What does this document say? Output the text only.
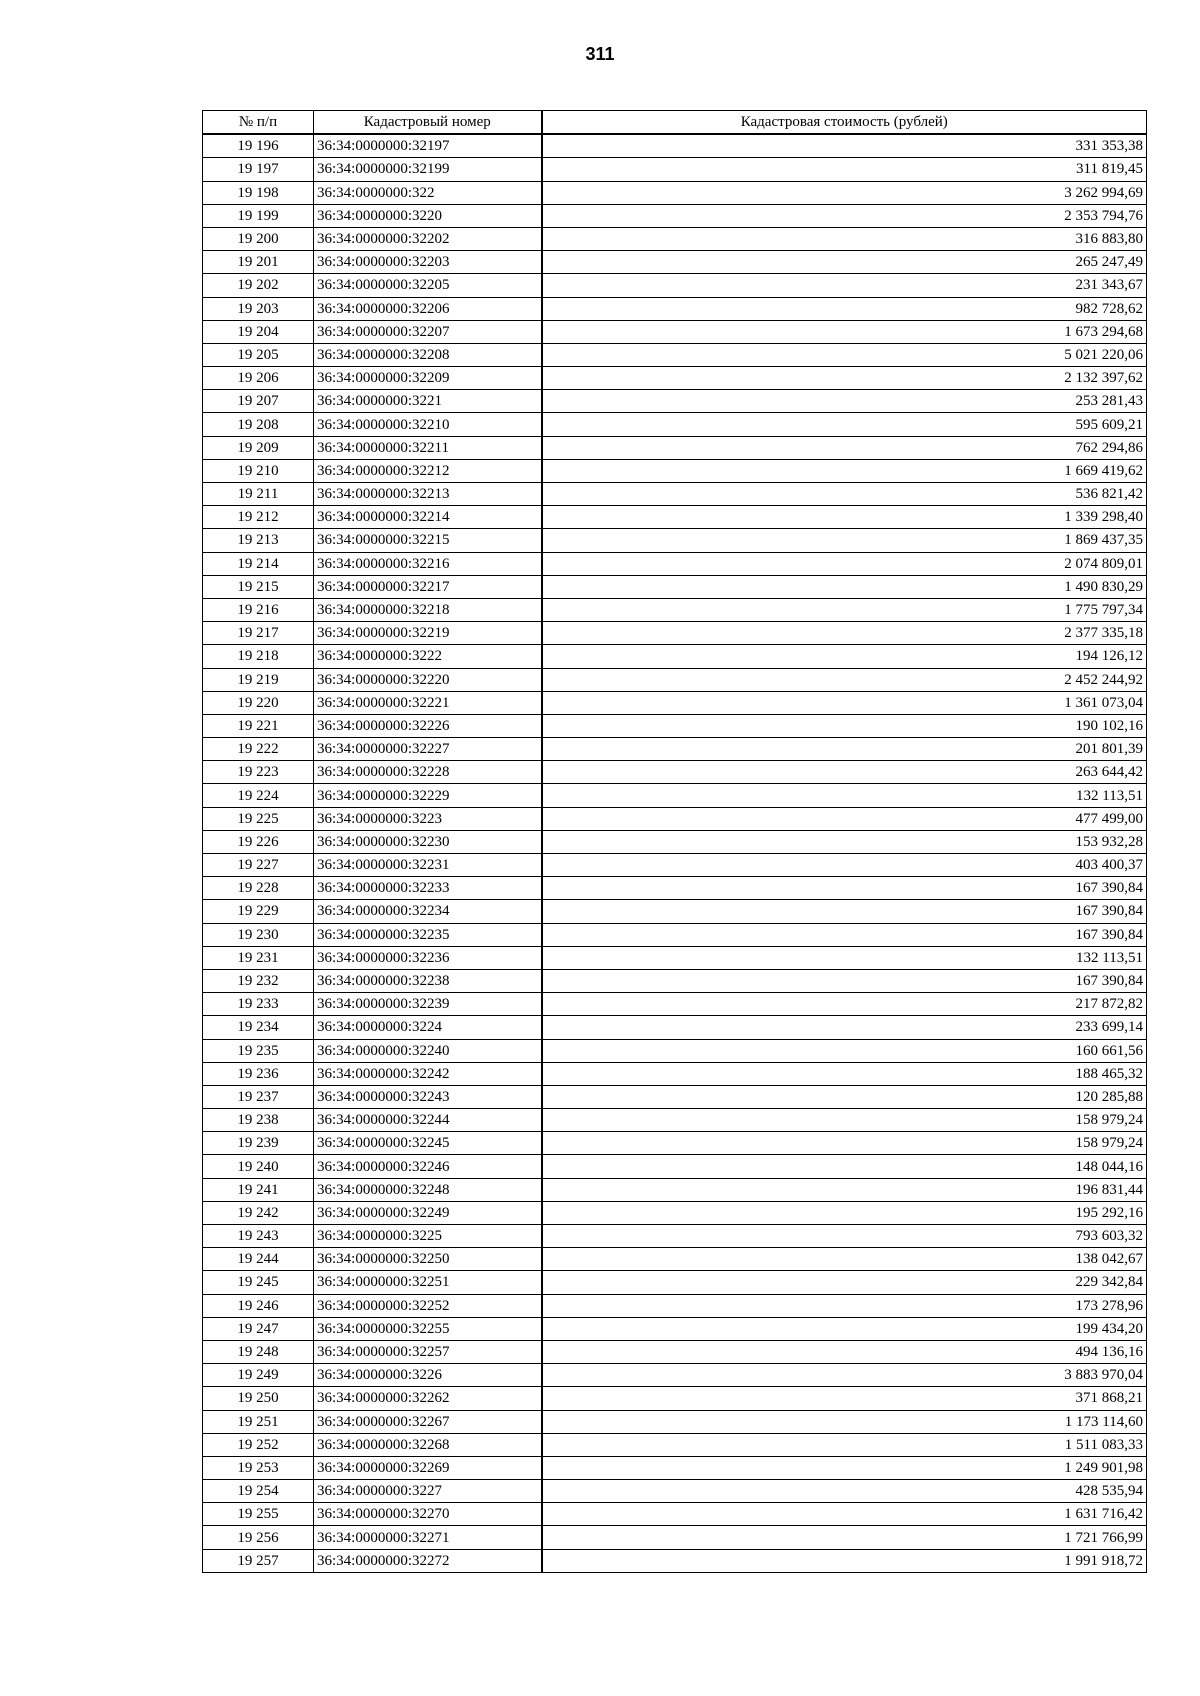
311
№ п/п	Кадастровый номер	Кадастровая стоимость (рублей)
19 196	36:34:0000000:32197	331 353,38
19 197	36:34:0000000:32199	311 819,45
19 198	36:34:0000000:322	3 262 994,69
19 199	36:34:0000000:3220	2 353 794,76
19 200	36:34:0000000:32202	316 883,80
19 201	36:34:0000000:32203	265 247,49
19 202	36:34:0000000:32205	231 343,67
19 203	36:34:0000000:32206	982 728,62
19 204	36:34:0000000:32207	1 673 294,68
19 205	36:34:0000000:32208	5 021 220,06
19 206	36:34:0000000:32209	2 132 397,62
19 207	36:34:0000000:3221	253 281,43
19 208	36:34:0000000:32210	595 609,21
19 209	36:34:0000000:32211	762 294,86
19 210	36:34:0000000:32212	1 669 419,62
19 211	36:34:0000000:32213	536 821,42
19 212	36:34:0000000:32214	1 339 298,40
19 213	36:34:0000000:32215	1 869 437,35
19 214	36:34:0000000:32216	2 074 809,01
19 215	36:34:0000000:32217	1 490 830,29
19 216	36:34:0000000:32218	1 775 797,34
19 217	36:34:0000000:32219	2 377 335,18
19 218	36:34:0000000:3222	194 126,12
19 219	36:34:0000000:32220	2 452 244,92
19 220	36:34:0000000:32221	1 361 073,04
19 221	36:34:0000000:32226	190 102,16
19 222	36:34:0000000:32227	201 801,39
19 223	36:34:0000000:32228	263 644,42
19 224	36:34:0000000:32229	132 113,51
19 225	36:34:0000000:3223	477 499,00
19 226	36:34:0000000:32230	153 932,28
19 227	36:34:0000000:32231	403 400,37
19 228	36:34:0000000:32233	167 390,84
19 229	36:34:0000000:32234	167 390,84
19 230	36:34:0000000:32235	167 390,84
19 231	36:34:0000000:32236	132 113,51
19 232	36:34:0000000:32238	167 390,84
19 233	36:34:0000000:32239	217 872,82
19 234	36:34:0000000:3224	233 699,14
19 235	36:34:0000000:32240	160 661,56
19 236	36:34:0000000:32242	188 465,32
19 237	36:34:0000000:32243	120 285,88
19 238	36:34:0000000:32244	158 979,24
19 239	36:34:0000000:32245	158 979,24
19 240	36:34:0000000:32246	148 044,16
19 241	36:34:0000000:32248	196 831,44
19 242	36:34:0000000:32249	195 292,16
19 243	36:34:0000000:3225	793 603,32
19 244	36:34:0000000:32250	138 042,67
19 245	36:34:0000000:32251	229 342,84
19 246	36:34:0000000:32252	173 278,96
19 247	36:34:0000000:32255	199 434,20
19 248	36:34:0000000:32257	494 136,16
19 249	36:34:0000000:3226	3 883 970,04
19 250	36:34:0000000:32262	371 868,21
19 251	36:34:0000000:32267	1 173 114,60
19 252	36:34:0000000:32268	1 511 083,33
19 253	36:34:0000000:32269	1 249 901,98
19 254	36:34:0000000:3227	428 535,94
19 255	36:34:0000000:32270	1 631 716,42
19 256	36:34:0000000:32271	1 721 766,99
19 257	36:34:0000000:32272	1 991 918,72
